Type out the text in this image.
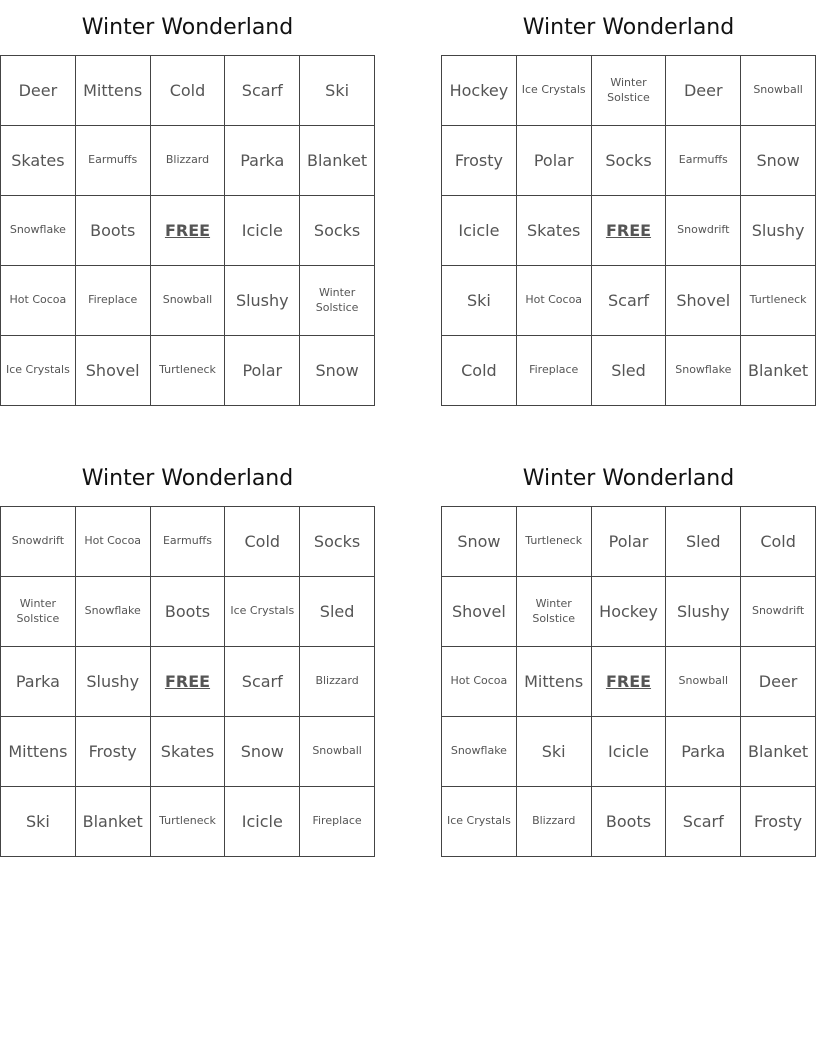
Winter Wonderland
Deer	Mittens	Cold	Scarf	Ski
Skates	Earmuffs	Blizzard	Parka	Blanket
Snowflake	Boots	FREE	Icicle	Socks
Hot Cocoa	Fireplace	Snowball	Slushy	Winter Solstice
Ice Crystals	Shovel	Turtleneck	Polar	Snow
Winter Wonderland
Hockey	Ice Crystals	Winter Solstice	Deer	Snowball
Frosty	Polar	Socks	Earmuffs	Snow
Icicle	Skates	FREE	Snowdrift	Slushy
Ski	Hot Cocoa	Scarf	Shovel	Turtleneck
Cold	Fireplace	Sled	Snowflake	Blanket
Winter Wonderland
Snowdrift	Hot Cocoa	Earmuffs	Cold	Socks
Winter Solstice	Snowflake	Boots	Ice Crystals	Sled
Parka	Slushy	FREE	Scarf	Blizzard
Mittens	Frosty	Skates	Snow	Snowball
Ski	Blanket	Turtleneck	Icicle	Fireplace
Winter Wonderland
Snow	Turtleneck	Polar	Sled	Cold
Shovel	Winter Solstice	Hockey	Slushy	Snowdrift
Hot Cocoa	Mittens	FREE	Snowball	Deer
Snowflake	Ski	Icicle	Parka	Blanket
Ice Crystals	Blizzard	Boots	Scarf	Frosty
